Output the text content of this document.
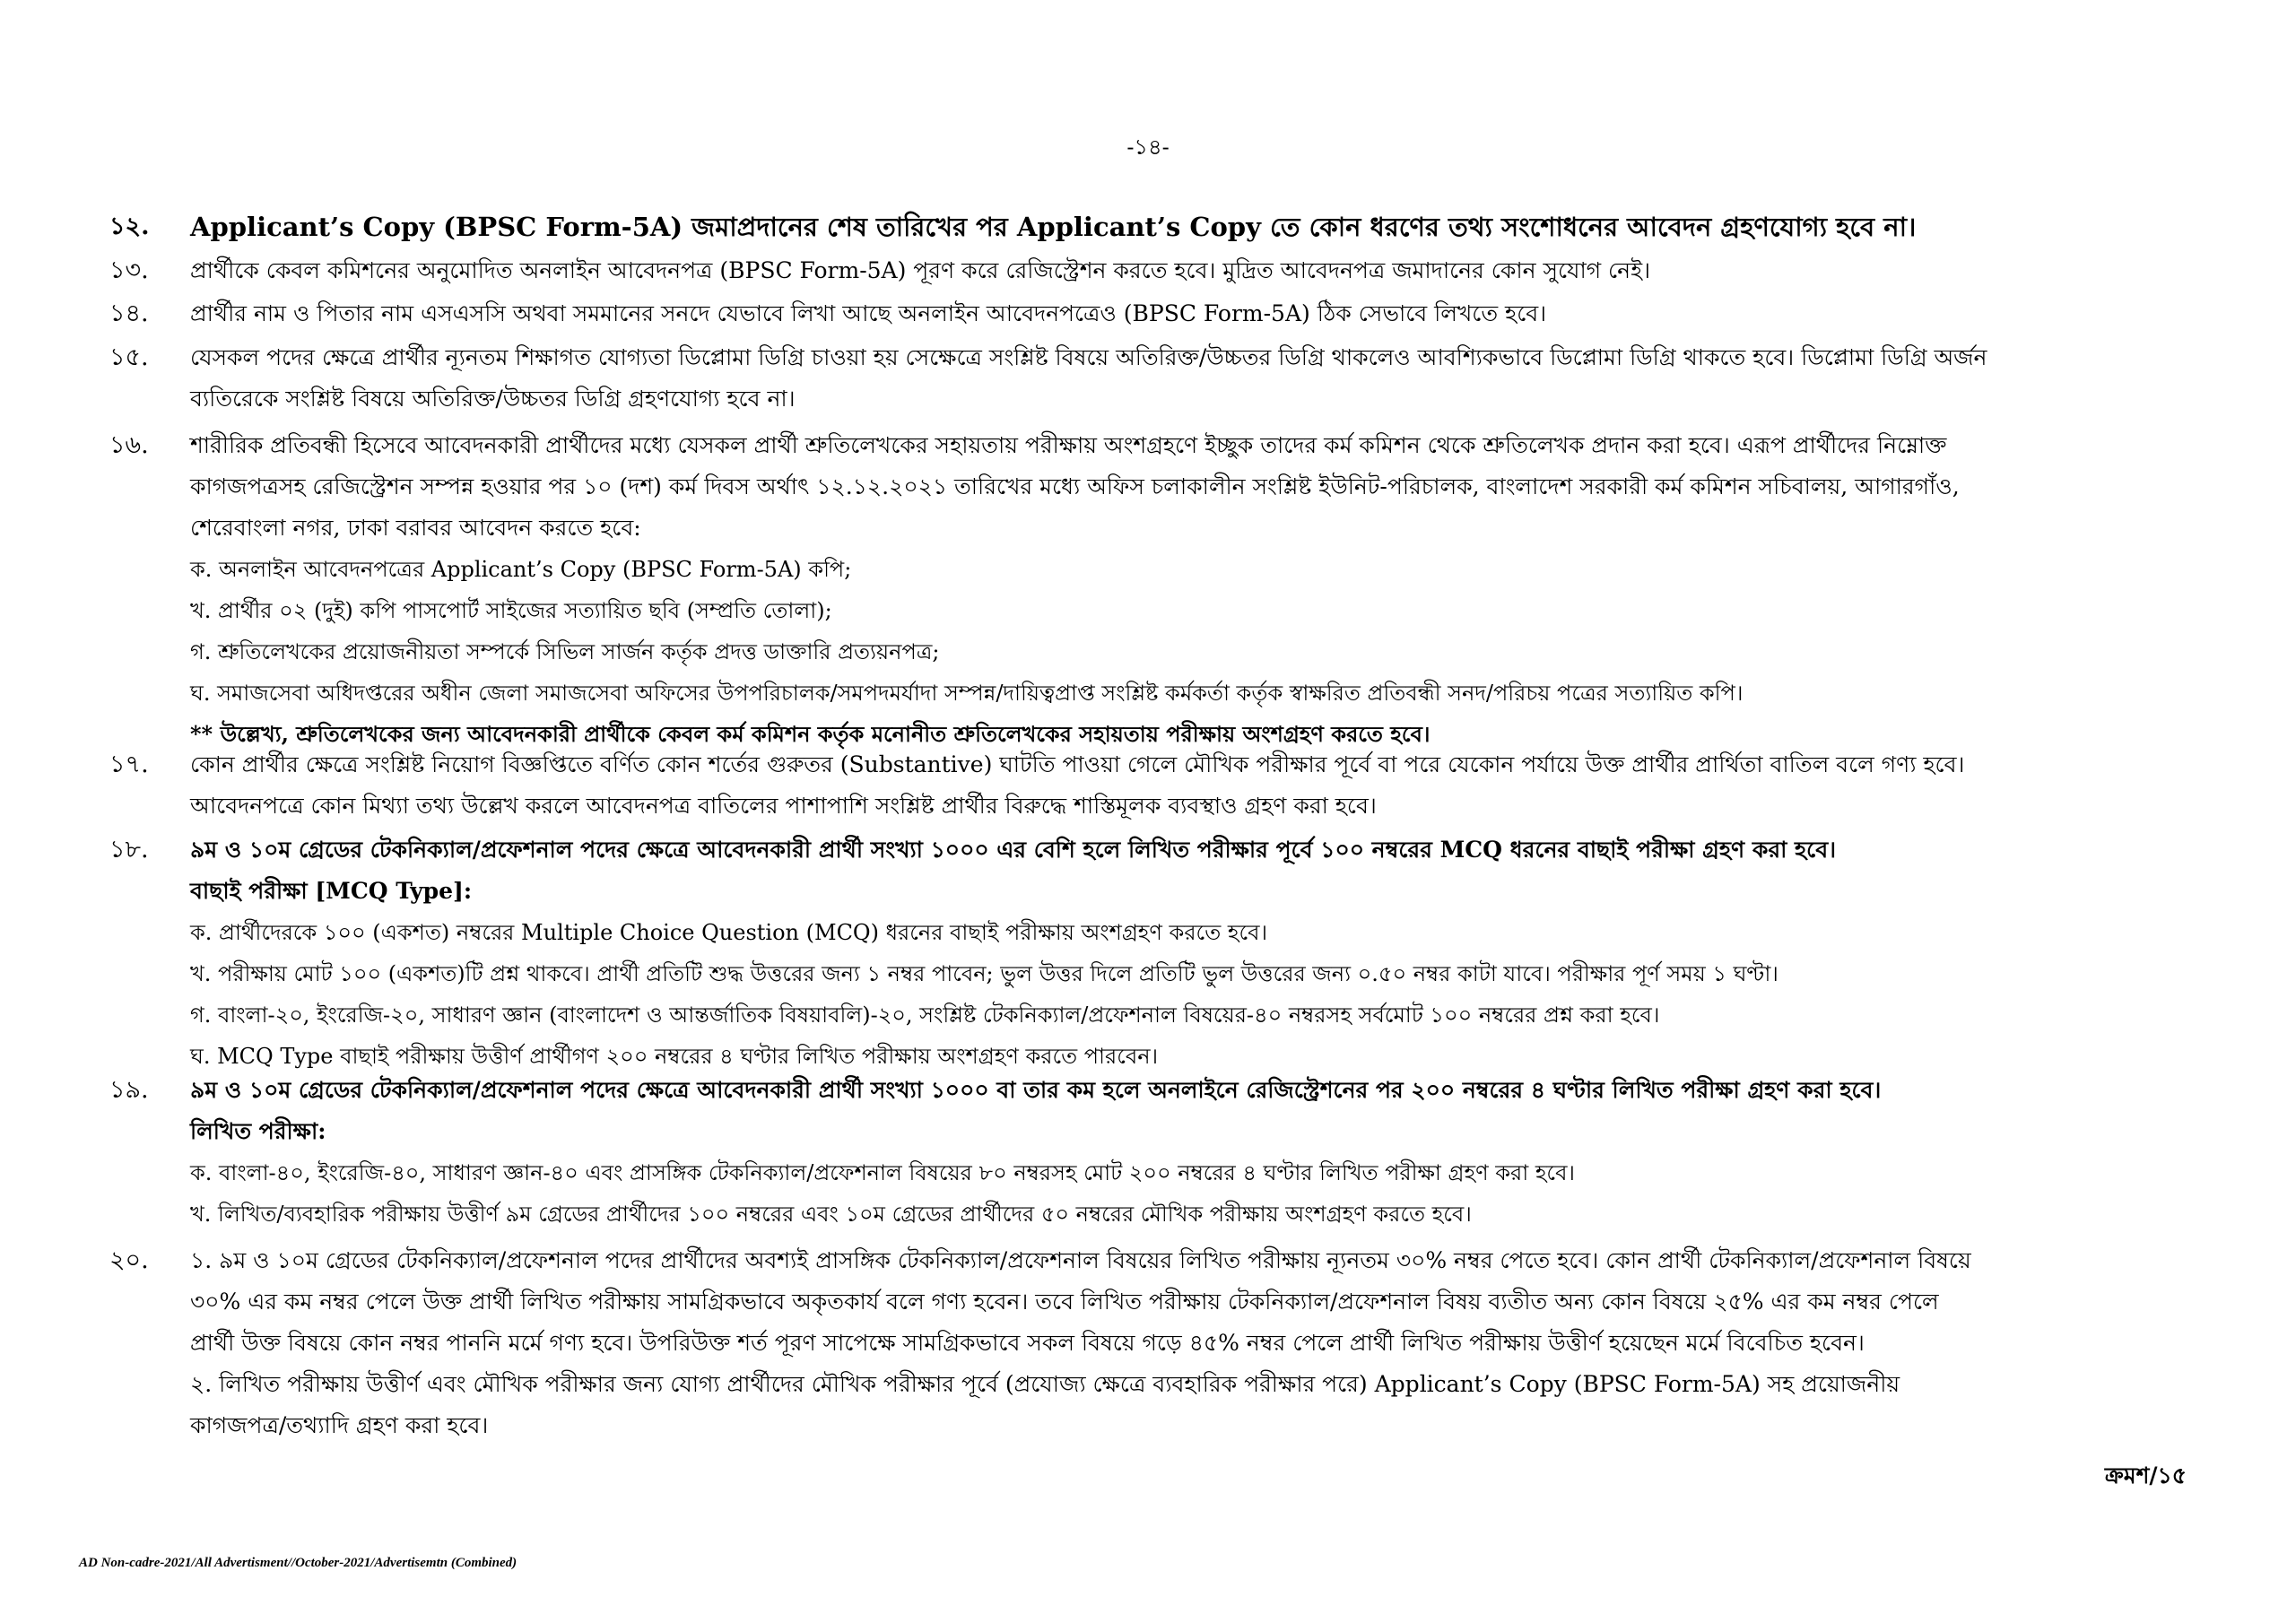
-১৪-
১২. Applicant’s Copy (BPSC Form-5A) জমাপ্রদানের শেষ তারিখের পর Applicant’s Copy তে কোন ধরণের তথ্য সংশোধনের আবেদন গ্রহণযোগ্য হবে না।
১৩. প্রার্থীকে কেবল কমিশনের অনুমোদিত অনলাইন আবেদনপত্র (BPSC Form-5A) পূরণ করে রেজিস্ট্রেশন করতে হবে। মুদ্রিত আবেদনপত্র জমাদানের কোন সুযোগ নেই।
১৪. প্রার্থীর নাম ও পিতার নাম এসএসসি অথবা সমমানের সনদে যেভাবে লিখা আছে অনলাইন আবেদনপত্রেও (BPSC Form-5A) ঠিক সেভাবে লিখতে হবে।
১৫. যেসকল পদের ক্ষেত্রে প্রার্থীর ন্যূনতম শিক্ষাগত যোগ্যতা ডিপ্লোমা ডিগ্রি চাওয়া হয় সেক্ষেত্রে সংশ্লিষ্ট বিষয়ে অতিরিক্ত/উচ্চতর ডিগ্রি থাকলেও আবশ্যিকভাবে ডিপ্লোমা ডিগ্রি থাকতে হবে। ডিপ্লোমা ডিগ্রি অর্জন
ব্যতিরেকে সংশ্লিষ্ট বিষয়ে অতিরিক্ত/উচ্চতর ডিগ্রি গ্রহণযোগ্য হবে না।
১৬. শারীরিক প্রতিবন্ধী হিসেবে আবেদনকারী প্রার্থীদের মধ্যে যেসকল প্রার্থী শ্রুতিলেখকের সহায়তায় পরীক্ষায় অংশগ্রহণে ইচ্ছুক তাদের কর্ম কমিশন থেকে শ্রুতিলেখক প্রদান করা হবে। এরূপ প্রার্থীদের নিম্নোক্ত
কাগজপত্রসহ রেজিস্ট্রেশন সম্পন্ন হওয়ার পর ১০ (দশ) কর্ম দিবস অর্থাৎ ১২.১২.২০২১ তারিখের মধ্যে অফিস চলাকালীন সংশ্লিষ্ট ইউনিট-পরিচালক, বাংলাদেশ সরকারী কর্ম কমিশন সচিবালয়, আগারগাঁও,
শেরেবাংলা নগর, ঢাকা বরাবর আবেদন করতে হবে:
ক. অনলাইন আবেদনপত্রের Applicant’s Copy (BPSC Form-5A) কপি;
খ. প্রার্থীর ০২ (দুই) কপি পাসপোর্ট সাইজের সত্যায়িত ছবি (সম্প্রতি তোলা);
গ. শ্রুতিলেখকের প্রয়োজনীয়তা সম্পর্কে সিভিল সার্জন কর্তৃক প্রদত্ত ডাক্তারি প্রত্যয়নপত্র;
ঘ. সমাজসেবা অধিদপ্তরের অধীন জেলা সমাজসেবা অফিসের উপপরিচালক/সমপদমর্যাদা সম্পন্ন/দায়িত্বপ্রাপ্ত সংশ্লিষ্ট কর্মকর্তা কর্তৃক স্বাক্ষরিত প্রতিবন্ধী সনদ/পরিচয় পত্রের সত্যায়িত কপি।
** উল্লেখ্য, শ্রুতিলেখকের জন্য আবেদনকারী প্রার্থীকে কেবল কর্ম কমিশন কর্তৃক মনোনীত শ্রুতিলেখকের সহায়তায় পরীক্ষায় অংশগ্রহণ করতে হবে।
১৭. কোন প্রার্থীর ক্ষেত্রে সংশ্লিষ্ট নিয়োগ বিজ্ঞপ্তিতে বর্ণিত কোন শর্তের গুরুতর (Substantive) ঘাটতি পাওয়া গেলে মৌখিক পরীক্ষার পূর্বে বা পরে যেকোন পর্যায়ে উক্ত প্রার্থীর প্রার্থিতা বাতিল বলে গণ্য হবে।
আবেদনপত্রে কোন মিথ্যা তথ্য উল্লেখ করলে আবেদনপত্র বাতিলের পাশাপাশি সংশ্লিষ্ট প্রার্থীর বিরুদ্ধে শাস্তিমূলক ব্যবস্থাও গ্রহণ করা হবে।
১৮. ৯ম ও ১০ম গ্রেডের টেকনিক্যাল/প্রফেশনাল পদের ক্ষেত্রে আবেদনকারী প্রার্থী সংখ্যা ১০০০ এর বেশি হলে লিখিত পরীক্ষার পূর্বে ১০০ নম্বরের MCQ ধরনের বাছাই পরীক্ষা গ্রহণ করা হবে।
বাছাই পরীক্ষা [MCQ Type]:
ক. প্রার্থীদেরকে ১০০ (একশত) নম্বরের Multiple Choice Question (MCQ) ধরনের বাছাই পরীক্ষায় অংশগ্রহণ করতে হবে।
খ. পরীক্ষায় মোট ১০০ (একশত)টি প্রশ্ন থাকবে। প্রার্থী প্রতিটি শুদ্ধ উত্তরের জন্য ১ নম্বর পাবেন; ভুল উত্তর দিলে প্রতিটি ভুল উত্তরের জন্য ০.৫০ নম্বর কাটা যাবে। পরীক্ষার পূর্ণ সময় ১ ঘণ্টা।
গ. বাংলা-২০, ইংরেজি-২০, সাধারণ জ্ঞান (বাংলাদেশ ও আন্তর্জাতিক বিষয়াবলি)-২০, সংশ্লিষ্ট টেকনিক্যাল/প্রফেশনাল বিষয়ের-৪০ নম্বরসহ সর্বমোট ১০০ নম্বরের প্রশ্ন করা হবে।
ঘ. MCQ Type বাছাই পরীক্ষায় উত্তীর্ণ প্রার্থীগণ ২০০ নম্বরের ৪ ঘণ্টার লিখিত পরীক্ষায় অংশগ্রহণ করতে পারবেন।
১৯. ৯ম ও ১০ম গ্রেডের টেকনিক্যাল/প্রফেশনাল পদের ক্ষেত্রে আবেদনকারী প্রার্থী সংখ্যা ১০০০ বা তার কম হলে অনলাইনে রেজিস্ট্রেশনের পর ২০০ নম্বরের ৪ ঘণ্টার লিখিত পরীক্ষা গ্রহণ করা হবে।
লিখিত পরীক্ষা:
ক. বাংলা-৪০, ইংরেজি-৪০, সাধারণ জ্ঞান-৪০ এবং প্রাসঙ্গিক টেকনিক্যাল/প্রফেশনাল বিষয়ের ৮০ নম্বরসহ মোট ২০০ নম্বরের ৪ ঘণ্টার লিখিত পরীক্ষা গ্রহণ করা হবে।
খ. লিখিত/ব্যবহারিক পরীক্ষায় উত্তীর্ণ ৯ম গ্রেডের প্রার্থীদের ১০০ নম্বরের এবং ১০ম গ্রেডের প্রার্থীদের ৫০ নম্বরের মৌখিক পরীক্ষায় অংশগ্রহণ করতে হবে।
২০. ১. ৯ম ও ১০ম গ্রেডের টেকনিক্যাল/প্রফেশনাল পদের প্রার্থীদের অবশ্যই প্রাসঙ্গিক টেকনিক্যাল/প্রফেশনাল বিষয়ের লিখিত পরীক্ষায় ন্যূনতম ৩০% নম্বর পেতে হবে। কোন প্রার্থী টেকনিক্যাল/প্রফেশনাল বিষয়ে
৩০% এর কম নম্বর পেলে উক্ত প্রার্থী লিখিত পরীক্ষায় সামগ্রিকভাবে অকৃতকার্য বলে গণ্য হবেন। তবে লিখিত পরীক্ষায় টেকনিক্যাল/প্রফেশনাল বিষয় ব্যতীত অন্য কোন বিষয়ে ২৫% এর কম নম্বর পেলে
প্রার্থী উক্ত বিষয়ে কোন নম্বর পাননি মর্মে গণ্য হবে। উপরিউক্ত শর্ত পূরণ সাপেক্ষে সামগ্রিকভাবে সকল বিষয়ে গড়ে ৪৫% নম্বর পেলে প্রার্থী লিখিত পরীক্ষায় উত্তীর্ণ হয়েছেন মর্মে বিবেচিত হবেন।
২. লিখিত পরীক্ষায় উত্তীর্ণ এবং মৌখিক পরীক্ষার জন্য যোগ্য প্রার্থীদের মৌখিক পরীক্ষার পূর্বে (প্রযোজ্য ক্ষেত্রে ব্যবহারিক পরীক্ষার পরে) Applicant’s Copy (BPSC Form-5A) সহ প্রয়োজনীয়
কাগজপত্র/তথ্যাদি গ্রহণ করা হবে।
ক্রমশ/১৫
AD Non-cadre-2021/All Advertisment//October-2021/Advertisemtn (Combined)
